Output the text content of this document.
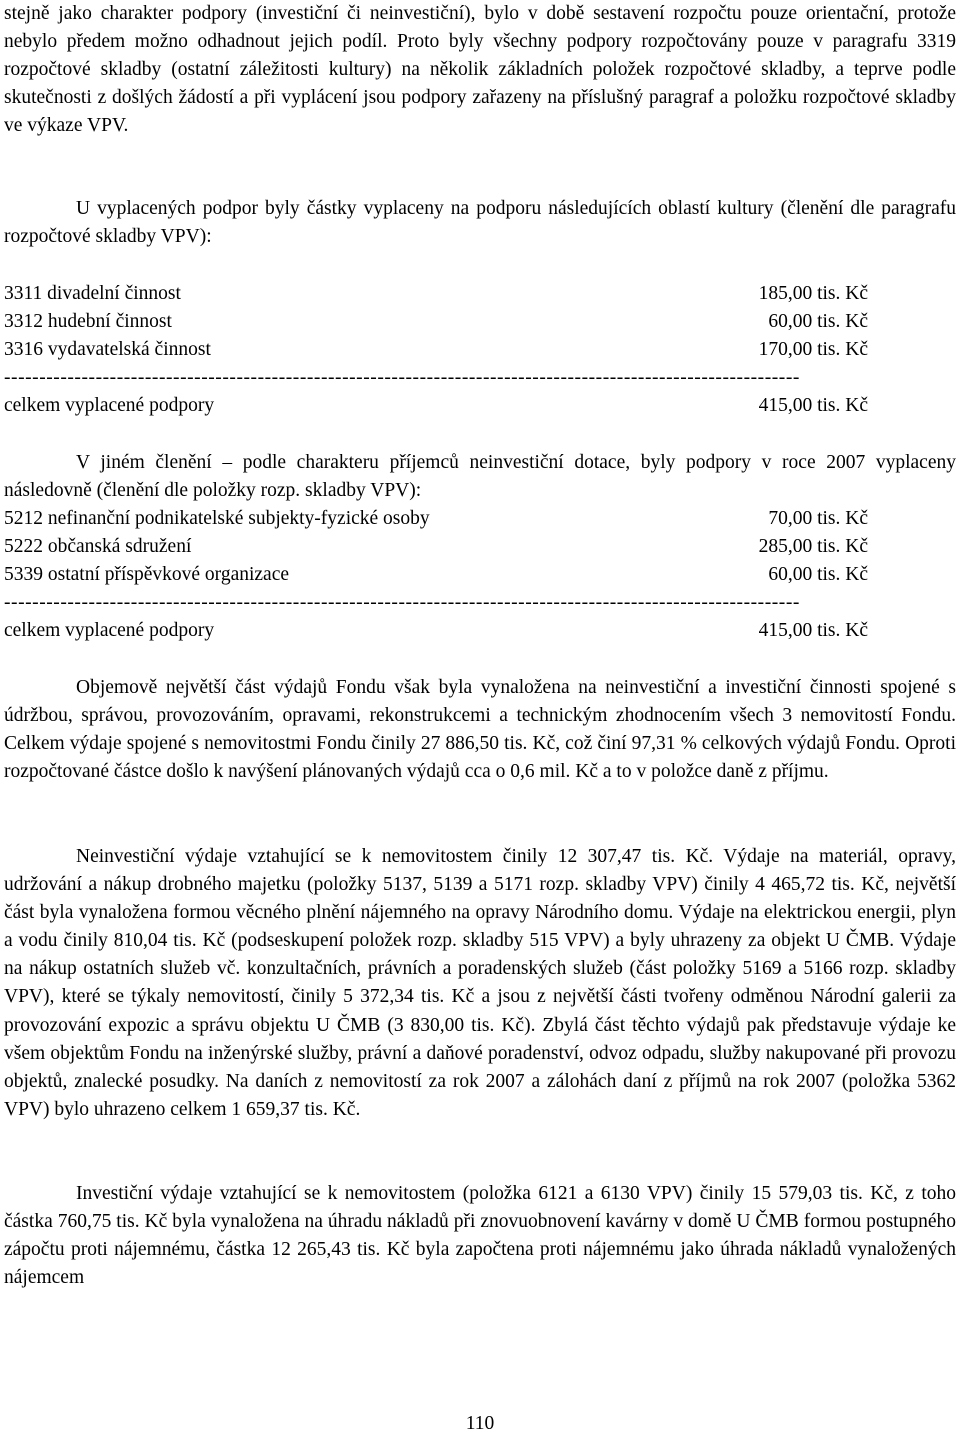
stejně jako charakter podpory (investiční či neinvestiční), bylo v době sestavení rozpočtu pouze orientační, protože nebylo předem možno odhadnout jejich podíl. Proto byly všechny podpory rozpočtovány pouze v paragrafu 3319 rozpočtové skladby (ostatní záležitosti kultury) na několik základních položek rozpočtové skladby, a teprve podle skutečnosti z došlých žádostí a při vyplácení jsou podpory zařazeny na příslušný paragraf a položku rozpočtové skladby ve výkaze VPV.

U vyplacených podpor byly částky vyplaceny na podporu následujících oblastí kultury (členění dle paragrafu rozpočtové skladby VPV):

3311 divadelní činnost	185,00 tis. Kč
3312 hudební činnost	60,00 tis. Kč
3316 vydavatelská činnost	170,00 tis. Kč
-----------------------------------------------------------------------------------------------------------------
celkem vyplacené podpory	415,00 tis. Kč

V jiném členění – podle charakteru příjemců neinvestiční dotace, byly podpory v roce 2007 vyplaceny následovně (členění dle položky rozp. skladby VPV):

5212 nefinanční podnikatelské subjekty-fyzické osoby	70,00 tis. Kč
5222 občanská sdružení	285,00 tis. Kč
5339 ostatní příspěvkové organizace	60,00 tis. Kč
-----------------------------------------------------------------------------------------------------------------
celkem vyplacené podpory	415,00 tis. Kč

Objemově největší část výdajů Fondu však byla vynaložena na neinvestiční a investiční činnosti spojené s údržbou, správou, provozováním, opravami, rekonstrukcemi a technickým zhodnocením všech 3 nemovitostí Fondu. Celkem výdaje spojené s nemovitostmi Fondu činily 27 886,50 tis. Kč, což činí 97,31 % celkových výdajů Fondu. Oproti rozpočtované částce došlo k navýšení plánovaných výdajů cca o 0,6 mil. Kč a to v položce daně z příjmu.

Neinvestiční výdaje vztahující se k nemovitostem činily 12 307,47 tis. Kč. Výdaje na materiál, opravy, udržování a nákup drobného majetku (položky 5137, 5139 a 5171 rozp. skladby VPV) činily 4 465,72 tis. Kč, největší část byla vynaložena formou věcného plnění nájemného na opravy Národního domu. Výdaje na elektrickou energii, plyn a vodu činily 810,04 tis. Kč (podseskupení položek rozp. skladby 515 VPV) a byly uhrazeny za objekt U ČMB. Výdaje na nákup ostatních služeb vč. konzultačních, právních a poradenských služeb (část položky 5169 a 5166 rozp. skladby VPV), které se týkaly nemovitostí, činily 5 372,34 tis. Kč a jsou z největší části tvořeny odměnou Národní galerii za provozování expozic a správu objektu U ČMB (3 830,00 tis. Kč). Zbylá část těchto výdajů pak představuje výdaje ke všem objektům Fondu na inženýrské služby, právní a daňové poradenství, odvoz odpadu, služby nakupované při provozu objektů, znalecké posudky. Na daních z nemovitostí za rok 2007 a zálohách daní z příjmů na rok 2007 (položka 5362 VPV) bylo uhrazeno celkem 1 659,37 tis. Kč.

Investiční výdaje vztahující se k nemovitostem (položka 6121 a 6130 VPV) činily 15 579,03 tis. Kč, z toho částka 760,75 tis. Kč byla vynaložena na úhradu nákladů při znovuobnovení kavárny v domě U ČMB formou postupného zápočtu proti nájemnému, částka 12 265,43 tis. Kč byla započtena proti nájemnému jako úhrada nákladů vynaložených nájemcem

110
